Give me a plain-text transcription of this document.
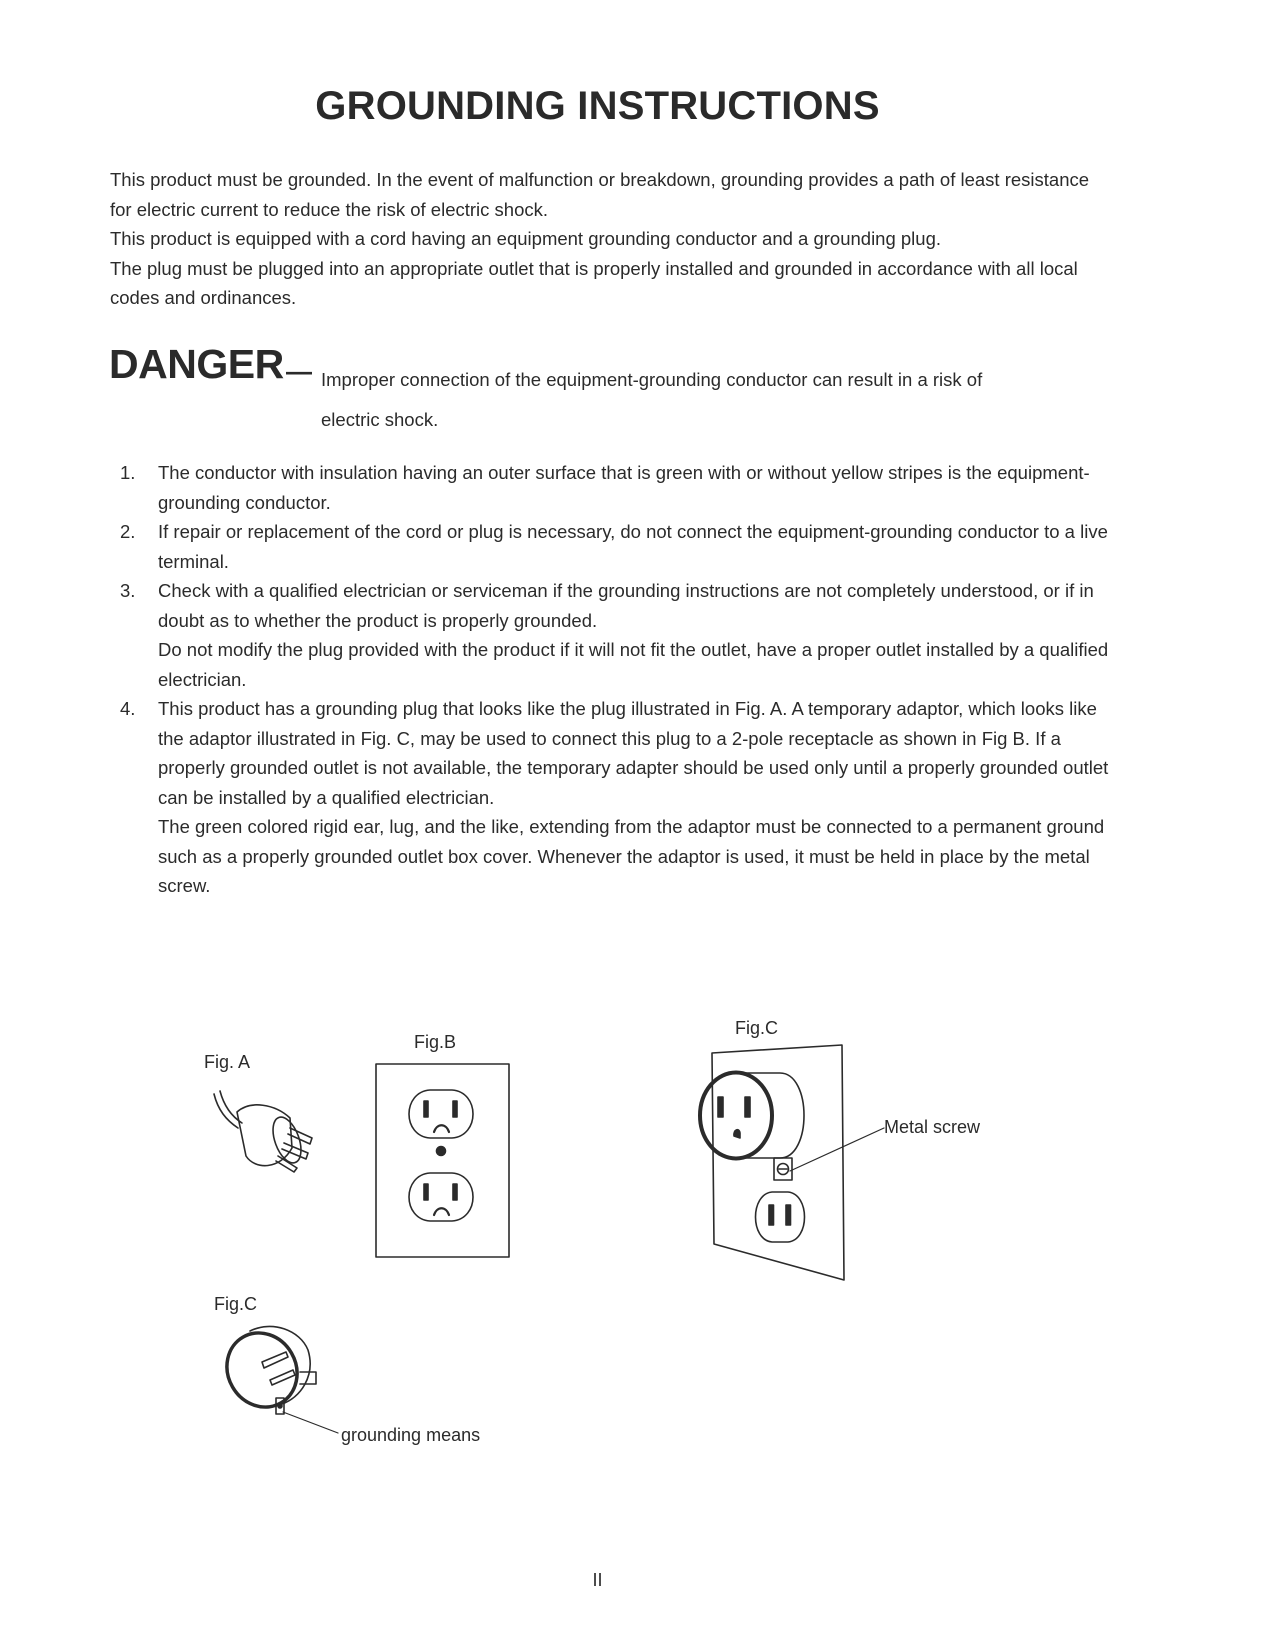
GROUNDING INSTRUCTIONS

This product must be grounded. In the event of malfunction or breakdown, grounding provides a path of least resistance for electric current to reduce the risk of electric shock.

This product is equipped with a cord having an equipment grounding conductor and a grounding plug.

The plug must be plugged into an appropriate outlet that is properly installed and grounded in accordance with all local codes and ordinances.

DANGER — Improper connection of the equipment-grounding conductor can result in a risk of electric shock.
1. The conductor with insulation having an outer surface that is green with or without yellow stripes is the equipment-grounding conductor.

2. If repair or replacement of the cord or plug is necessary, do not connect the equipment-grounding conductor to a live terminal.

3. Check with a qualified electrician or serviceman if the grounding instructions are not completely understood, or if in doubt as to whether the product is properly grounded.

Do not modify the plug provided with the product if it will not fit the outlet, have a proper outlet installed by a qualified electrician.

4. This product has a grounding plug that looks like the plug illustrated in Fig. A. A temporary adaptor, which looks like the adaptor illustrated in Fig. C, may be used to connect this plug to a 2-pole receptacle as shown in Fig B. If a properly grounded outlet is not available, the temporary adapter should be used only until a properly grounded outlet can be installed by a qualified electrician.

The green colored rigid ear, lug, and the like, extending from the adaptor must be connected to a permanent ground such as a properly grounded outlet box cover. Whenever the adaptor is used, it must be held in place by the metal screw.

Fig. A
Fig.B
Fig.C
Metal screw
Fig.C
grounding means
II
